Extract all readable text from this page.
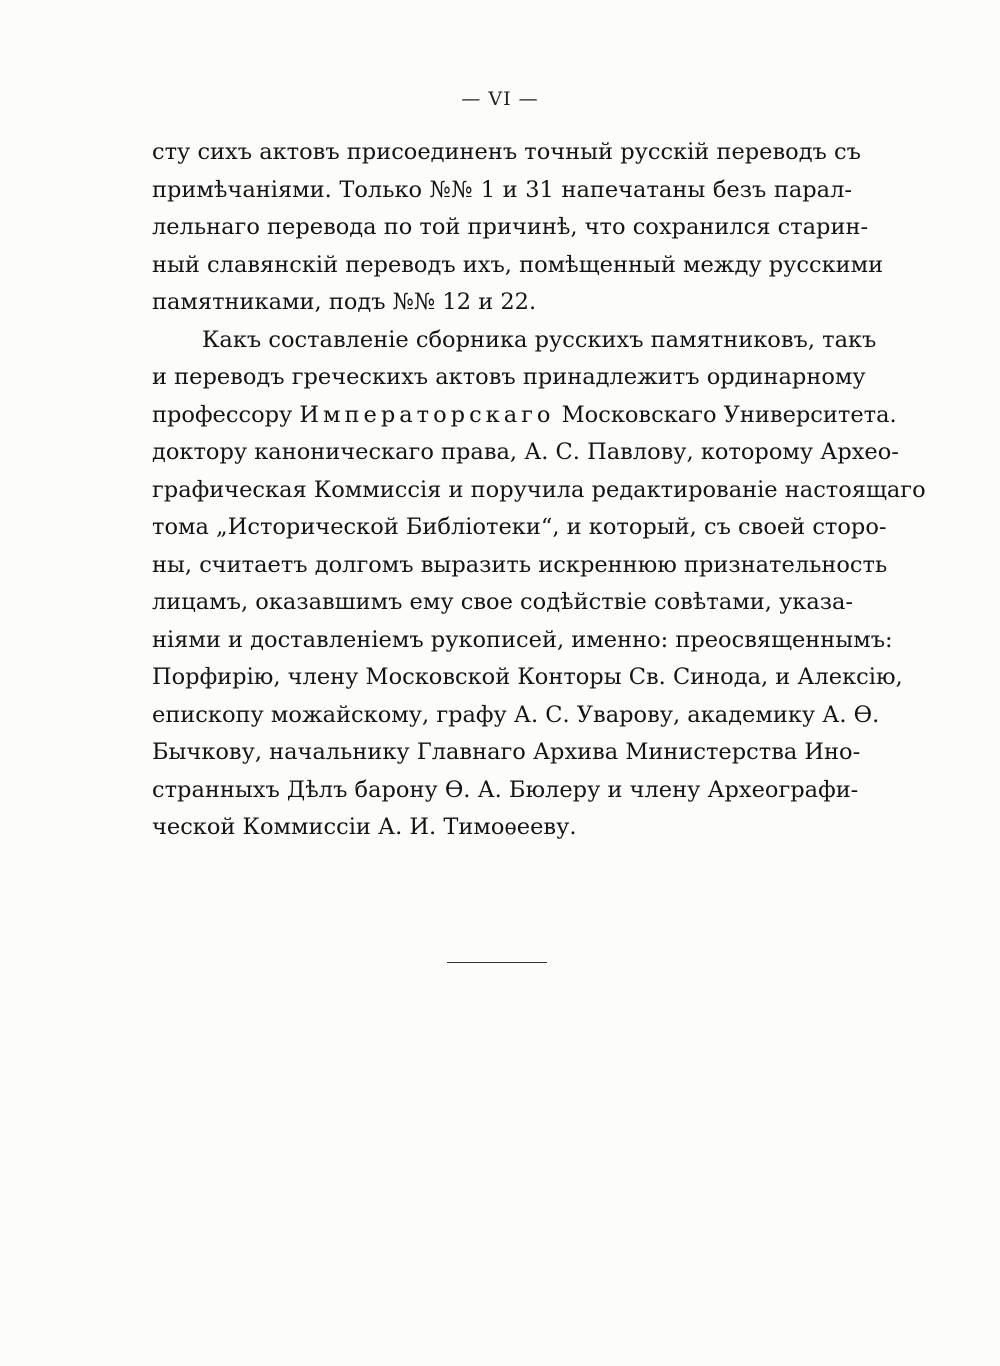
— VI —
сту сихъ актовъ присоединенъ точный русскій переводъ съ
примѣчаніями. Только №№ 1 и 31 напечатаны безъ парал-
лельнаго перевода по той причинѣ, что сохранился старин-
ный славянскій переводъ ихъ, помѣщенный между русскими
памятниками, подъ №№ 12 и 22.
Какъ составленіе сборника русскихъ памятниковъ, такъ
и переводъ греческихъ актовъ принадлежитъ ординарному
профессору Императорскаго Московскаго Университета.
доктору каноническаго права, А. С. Павлову, которому Археo-
графическая Коммиссія и поручила редактированіе настоящаго
тома „Исторической Библіотеки“, и который, съ своей сторо-
ны, считаетъ долгомъ выразить искреннюю признательность
лицамъ, оказавшимъ ему свое содѣйствіе совѣтами, указа-
ніями и доставленіемъ рукописей, именно: преосвященнымъ:
Порфирію, члену Московской Конторы Св. Синода, и Алексію,
епископу можайскому, графу А. С. Уварову, академику А. Ѳ.
Бычкову, начальнику Главнаго Архива Министерства Ино-
странныхъ Дѣлъ барону Ѳ. А. Бюлеру и члену Археографи-
ческой Коммиссіи А. И. Тимоѳееву.
